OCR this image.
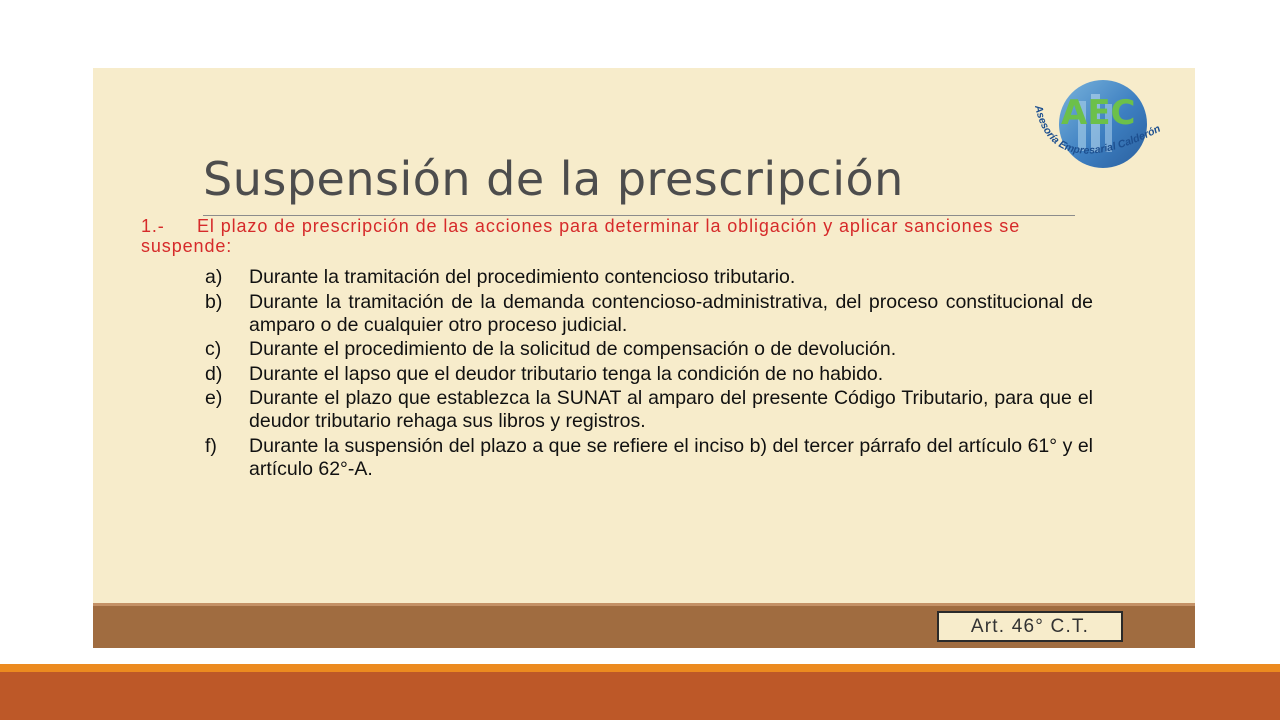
AEC
Asesoría Empresarial Calderón
Suspensión de la prescripción
1.- El plazo de prescripción de las acciones para determinar la obligación y aplicar sanciones se suspende:
a)	Durante la tramitación del procedimiento contencioso tributario.
b)	Durante la tramitación de la demanda contencioso-administrativa, del proceso constitucional de amparo o de cualquier otro proceso judicial.
c)	Durante el procedimiento de la solicitud de compensación o de devolución.
d)	Durante el lapso que el deudor tributario tenga la condición de no habido.
e)	Durante el plazo que establezca la SUNAT al amparo del presente Código Tributario, para que el deudor tributario rehaga sus libros y registros.
f)	Durante la suspensión del plazo a que se refiere el inciso b) del tercer párrafo del artículo 61° y el artículo 62°-A.
Art. 46° C.T.
